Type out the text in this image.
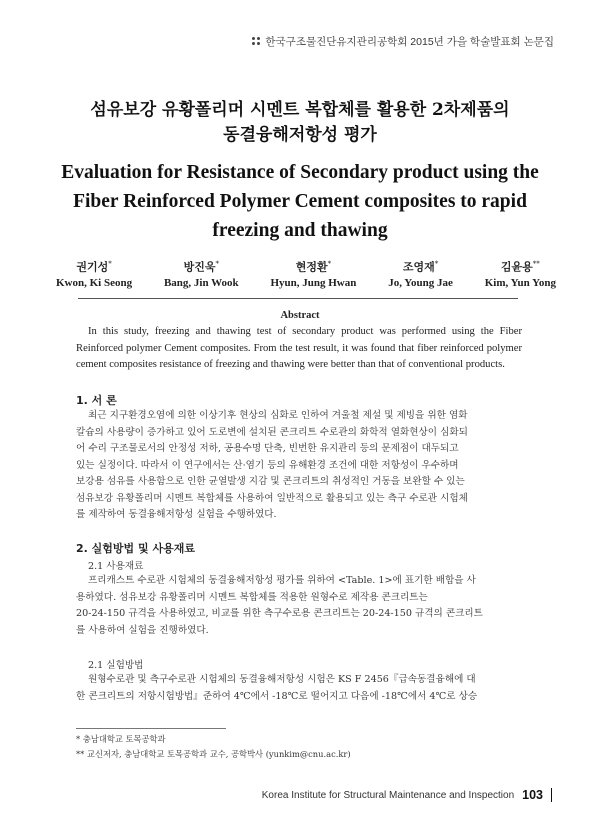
한국구조물진단유지관리공학회 2015년 가을 학술발표회 논문집
섬유보강 유황폴리머 시멘트 복합체를 활용한 2차제품의
동결융해저항성 평가
Evaluation for Resistance of Secondary product using the
Fiber Reinforced Polymer Cement composites to rapid
freezing and thawing
권기성*
Kwon, Ki Seong
방진욱*
Bang, Jin Wook
현정환*
Hyun, Jung Hwan
조영재*
Jo, Young Jae
김윤용**
Kim, Yun Yong
Abstract

In this study, freezing and thawing test of secondary product was performed using the Fiber Reinforced polymer Cement composites. From the test result, it was found that fiber reinforced polymer cement composites resistance of freezing and thawing were better than that of conventional products.

1. 서 론
최근 지구환경오염에 의한 이상기후 현상의 심화로 인하여 겨울철 제설 및 제빙을 위한 염화
칼슘의 사용량이 증가하고 있어 도로변에 설치된 콘크리트 수로관의 화학적 열화현상이 심화되
어 수리 구조물로서의 안정성 저하, 공용수명 단축, 빈번한 유지관리 등의 문제점이 대두되고
있는 실정이다. 따라서 이 연구에서는 산·염기 등의 유해환경 조건에 대한 저항성이 우수하며
보강용 섬유를 사용함으로 인한 균열발생 지감 및 콘크리트의 취성적인 거동을 보완할 수 있는
섬유보강 유황폴리머 시멘트 복합체를 사용하여 일반적으로 활용되고 있는 측구 수로관 시험체
를 제작하여 동결융해저항성 실험을 수행하였다.
2. 실험방법 및 사용재료
2.1 사용재료
프리캐스트 수로관 시험체의 동결융해저항성 평가를 위하여 <Table. 1>에 표기한 배합을 사
용하였다. 섬유보강 유황폴리머 시멘트 복합체를 적용한 원형수로 제작용 콘크리트는
20-24-150 규격을 사용하였고, 비교를 위한 측구수로용 콘크리트는 20-24-150 규격의 콘크리트
를 사용하여 실험을 진행하였다.
2.1 실험방법
원형수로관 및 측구수로관 시험체의 동결융해저항성 시험은 KS F 2456『급속동결융해에 대
한 콘크리트의 저항시험방법』준하여 4℃에서 -18℃로 떨어지고 다음에 -18℃에서 4℃로 상승
* 충남대학교 토목공학과
** 교신저자, 충남대학교 토목공학과 교수, 공학박사 (yunkim@cnu.ac.kr)
Korea Institute for Structural Maintenance and Inspection 103
